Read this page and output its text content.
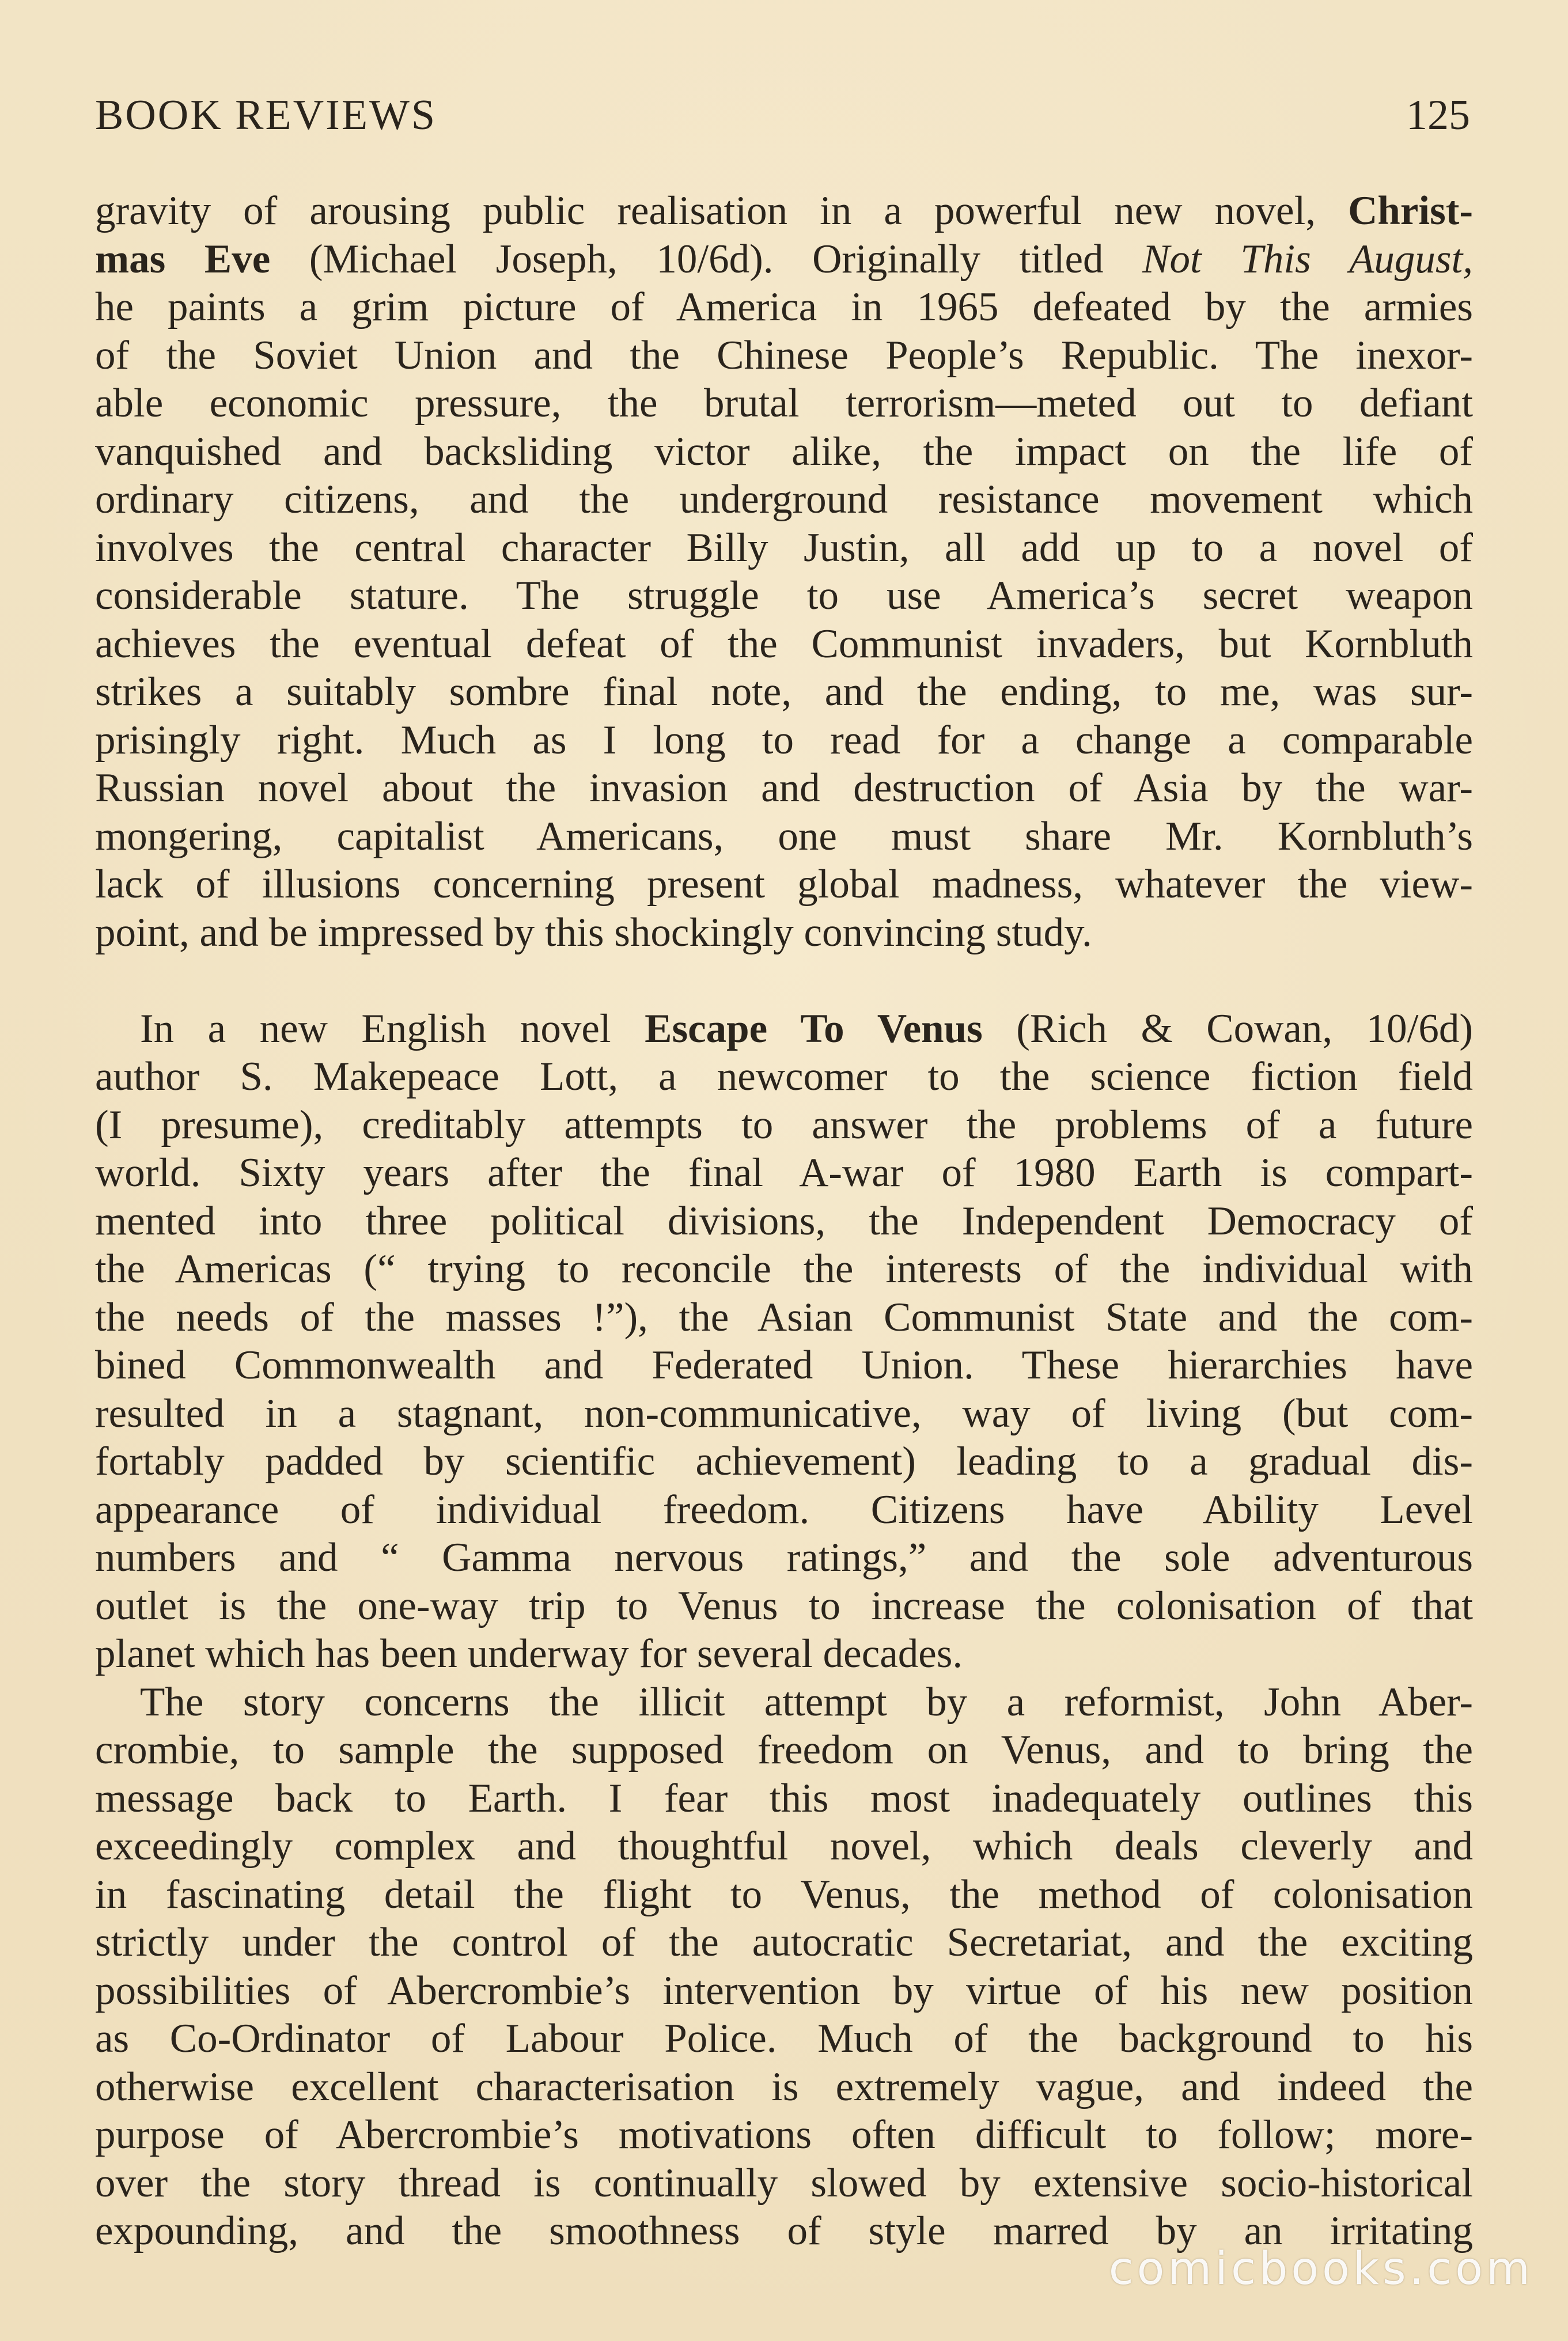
BOOK REVIEWS	125
gravity of arousing public realisation in a powerful new novel, Christ-
mas Eve (Michael Joseph, 10/6d). Originally titled Not This August,
he paints a grim picture of America in 1965 defeated by the armies
of the Soviet Union and the Chinese People’s Republic. The inexor-
able economic pressure, the brutal terrorism—meted out to defiant
vanquished and backsliding victor alike, the impact on the life of
ordinary citizens, and the underground resistance movement which
involves the central character Billy Justin, all add up to a novel of
considerable stature. The struggle to use America’s secret weapon
achieves the eventual defeat of the Communist invaders, but Kornbluth
strikes a suitably sombre final note, and the ending, to me, was sur-
prisingly right. Much as I long to read for a change a comparable
Russian novel about the invasion and destruction of Asia by the war-
mongering, capitalist Americans, one must share Mr. Kornbluth’s
lack of illusions concerning present global madness, whatever the view-
point, and be impressed by this shockingly convincing study.
In a new English novel Escape To Venus (Rich & Cowan, 10/6d)
author S. Makepeace Lott, a newcomer to the science fiction field
(I presume), creditably attempts to answer the problems of a future
world. Sixty years after the final A-war of 1980 Earth is compart-
mented into three political divisions, the Independent Democracy of
the Americas (“ trying to reconcile the interests of the individual with
the needs of the masses !”), the Asian Communist State and the com-
bined Commonwealth and Federated Union. These hierarchies have
resulted in a stagnant, non-communicative, way of living (but com-
fortably padded by scientific achievement) leading to a gradual dis-
appearance of individual freedom. Citizens have Ability Level
numbers and “ Gamma nervous ratings,” and the sole adventurous
outlet is the one-way trip to Venus to increase the colonisation of that
planet which has been underway for several decades.
The story concerns the illicit attempt by a reformist, John Aber-
crombie, to sample the supposed freedom on Venus, and to bring the
message back to Earth. I fear this most inadequately outlines this
exceedingly complex and thoughtful novel, which deals cleverly and
in fascinating detail the flight to Venus, the method of colonisation
strictly under the control of the autocratic Secretariat, and the exciting
possibilities of Abercrombie’s intervention by virtue of his new position
as Co-Ordinator of Labour Police. Much of the background to his
otherwise excellent characterisation is extremely vague, and indeed the
purpose of Abercrombie’s motivations often difficult to follow; more-
over the story thread is continually slowed by extensive socio-historical
expounding, and the smoothness of style marred by an irritating
comicbooks.com
